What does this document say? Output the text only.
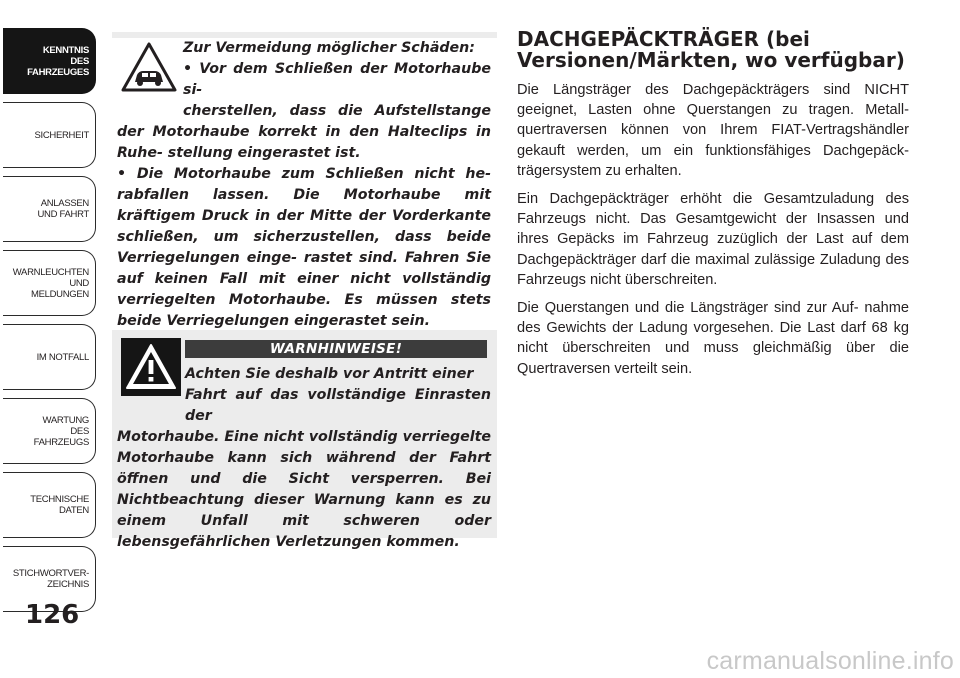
KENNTNIS
DES
FAHRZEUGES
SICHERHEIT
ANLASSEN
UND FAHRT
WARNLEUCHTEN
UND
MELDUNGEN
IM NOTFALL
WARTUNG
DES
FAHRZEUGS
TECHNISCHE
DATEN
STICHWORTVER-
ZEICHNIS
126

Zur Vermeidung möglicher Schäden:

• Vor dem Schließen der Motorhaube si-

cherstellen, dass die Aufstellstange der Motorhaube korrekt in den Halteclips in Ruhe- stellung eingerastet ist.

• Die Motorhaube zum Schließen nicht he- rabfallen lassen. Die Motorhaube mit kräftigem Druck in der Mitte der Vorderkante schließen, um sicherzustellen, dass beide Verriegelungen einge- rastet sind. Fahren Sie auf keinen Fall mit einer nicht vollständig verriegelten Motorhaube. Es müssen stets beide Verriegelungen eingerastet sein.

WARNHINWEISE!

Achten Sie deshalb vor Antritt einer

Fahrt auf das vollständige Einrasten der

Motorhaube. Eine nicht vollständig verriegelte Motorhaube kann sich während der Fahrt öffnen und die Sicht versperren. Bei Nichtbeachtung dieser Warnung kann es zu einem Unfall mit schweren oder lebensgefährlichen Verletzungen kommen.

DACHGEPÄCKTRÄGER (bei
Versionen/Märkten, wo verfügbar)

Die Längsträger des Dachgepäckträgers sind NICHT geeignet, Lasten ohne Querstangen zu tragen. Metall- quertraversen können von Ihrem FIAT-Vertragshändler gekauft werden, um ein funktionsfähiges Dachgepäck- trägersystem zu erhalten.

Ein Dachgepäckträger erhöht die Gesamtzuladung des Fahrzeugs nicht. Das Gesamtgewicht der Insassen und ihres Gepäcks im Fahrzeug zuzüglich der Last auf dem Dachgepäckträger darf die maximal zulässige Zuladung des Fahrzeugs nicht überschreiten.

Die Querstangen und die Längsträger sind zur Auf- nahme des Gewichts der Ladung vorgesehen. Die Last darf 68 kg nicht überschreiten und muss gleichmäßig über die Quertraversen verteilt sein.

carmanualsonline.info
